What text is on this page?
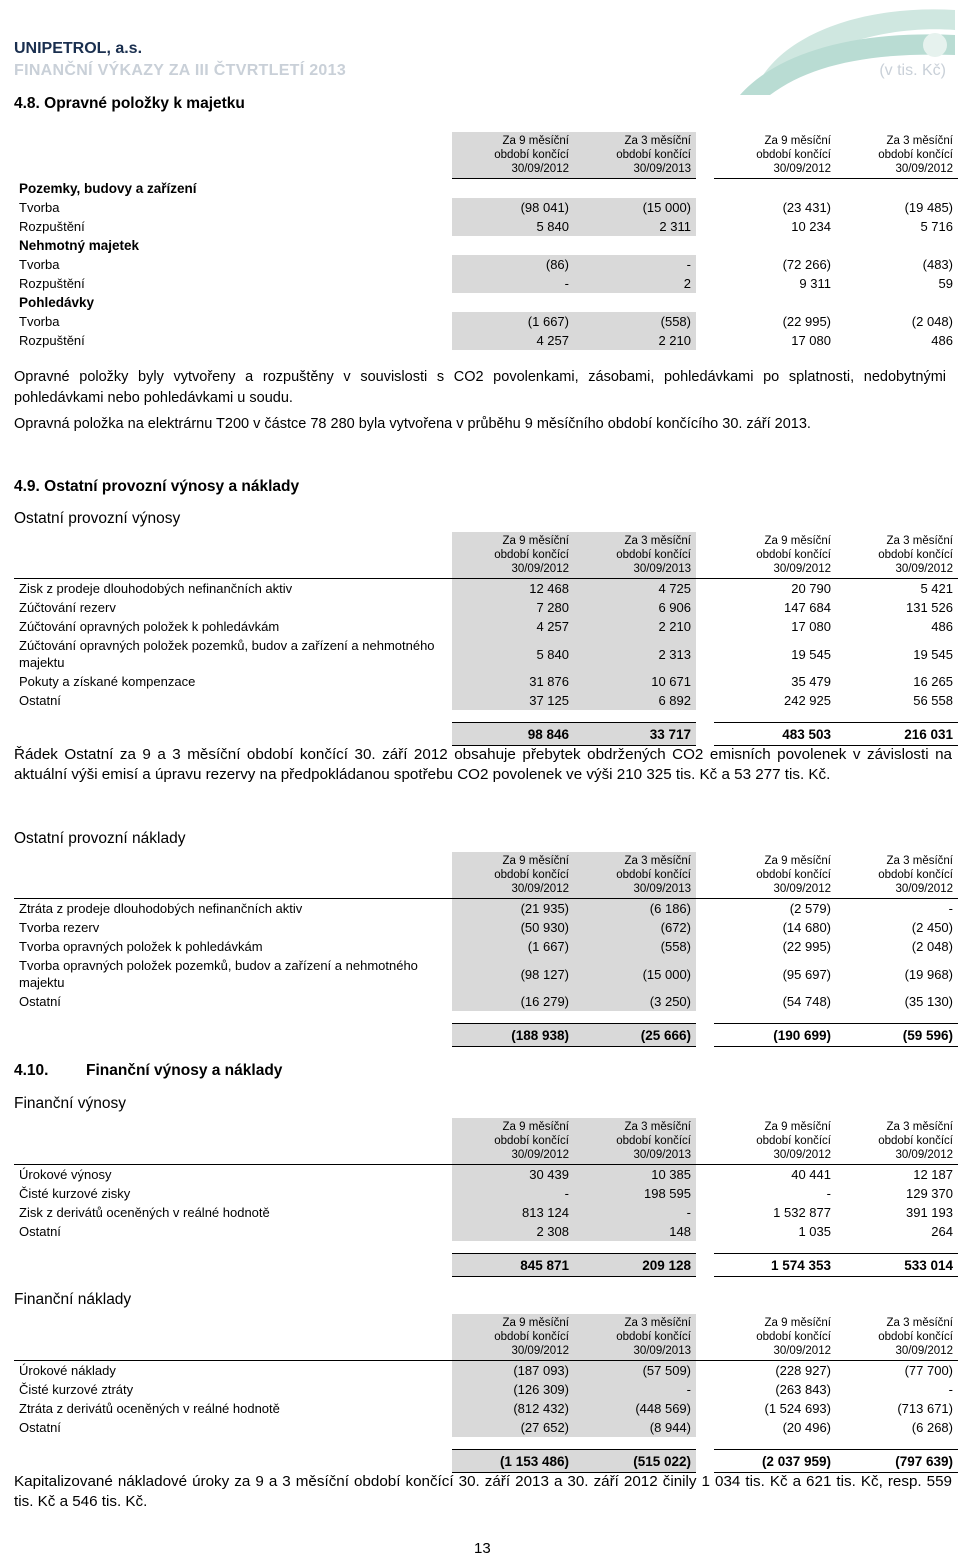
UNIPETROL, a.s.
FINANČNÍ VÝKAZY ZA III ČTVRTLETÍ 2013	(v tis. Kč)
4.8. Opravné položky k majetku
	Za 9 měsíční
období končící
30/09/2012	Za 3 měsíční
období končící
30/09/2013		Za 9 měsíční
období končící
30/09/2012	Za 3 měsíční
období končící
30/09/2012
Pozemky, budovy a zařízení					
Tvorba	(98 041)	(15 000)		(23 431)	(19 485)
Rozpuštění	5 840	2 311		10 234	5 716
Nehmotný majetek					
Tvorba	(86)	-		(72 266)	(483)
Rozpuštění	-	2		9 311	59
Pohledávky					
Tvorba	(1 667)	(558)		(22 995)	(2 048)
Rozpuštění	4 257	2 210		17 080	486
Opravné položky byly vytvořeny a rozpuštěny v souvislosti s CO2 povolenkami, zásobami, pohledávkami po splatnosti, nedobytnými pohledávkami nebo pohledávkami u soudu.
Opravná položka na elektrárnu T200 v částce 78 280 byla vytvořena v průběhu 9 měsíčního období končícího 30. září 2013.
4.9. Ostatní provozní výnosy a náklady
Ostatní provozní výnosy
	Za 9 měsíční
období končící
30/09/2012	Za 3 měsíční
období končící
30/09/2013		Za 9 měsíční
období končící
30/09/2012	Za 3 měsíční
období končící
30/09/2012
Zisk z prodeje dlouhodobých nefinančních aktiv	12 468	4 725		20 790	5 421
Zúčtování rezerv	7 280	6 906		147 684	131 526
Zúčtování opravných položek k pohledávkám	4 257	2 210		17 080	486
Zúčtování opravných položek pozemků, budov a zařízení a nehmotného majektu	5 840	2 313		19 545	19 545
Pokuty a získané kompenzace	31 876	10 671		35 479	16 265
Ostatní	37 125	6 892		242 925	56 558

	98 846	33 717		483 503	216 031
Řádek Ostatní za 9 a 3 měsíční období končící 30. září 2012 obsahuje přebytek obdržených CO2 emisních povolenek v závislosti na aktuální výši emisí a úpravu rezervy na předpokládanou spotřebu CO2 povolenek ve výši 210 325 tis. Kč a 53 277 tis. Kč.
Ostatní provozní náklady
	Za 9 měsíční
období končící
30/09/2012	Za 3 měsíční
období končící
30/09/2013		Za 9 měsíční
období končící
30/09/2012	Za 3 měsíční
období končící
30/09/2012
Ztráta z prodeje dlouhodobých nefinančních aktiv	(21 935)	(6 186)		(2 579)	-
Tvorba rezerv	(50 930)	(672)		(14 680)	(2 450)
Tvorba opravných položek k pohledávkám	(1 667)	(558)		(22 995)	(2 048)
Tvorba opravných položek pozemků, budov a zařízení a nehmotného majektu	(98 127)	(15 000)		(95 697)	(19 968)
Ostatní	(16 279)	(3 250)		(54 748)	(35 130)

	(188 938)	(25 666)		(190 699)	(59 596)
4.10. Finanční výnosy a náklady
Finanční výnosy
	Za 9 měsíční
období končící
30/09/2012	Za 3 měsíční
období končící
30/09/2013		Za 9 měsíční
období končící
30/09/2012	Za 3 měsíční
období končící
30/09/2012
Úrokové výnosy	30 439	10 385		40 441	12 187
Čisté kurzové zisky	-	198 595		-	129 370
Zisk z derivátů oceněných v reálné hodnotě	813 124	-		1 532 877	391 193
Ostatní	2 308	148		1 035	264

	845 871	209 128		1 574 353	533 014
Finanční náklady
	Za 9 měsíční
období končící
30/09/2012	Za 3 měsíční
období končící
30/09/2013		Za 9 měsíční
období končící
30/09/2012	Za 3 měsíční
období končící
30/09/2012
Úrokové náklady	(187 093)	(57 509)		(228 927)	(77 700)
Čisté kurzové ztráty	(126 309)	-		(263 843)	-
Ztráta z derivátů oceněných v reálné hodnotě	(812 432)	(448 569)		(1 524 693)	(713 671)
Ostatní	(27 652)	(8 944)		(20 496)	(6 268)

	(1 153 486)	(515 022)		(2 037 959)	(797 639)
Kapitalizované nákladové úroky za 9 a 3 měsíční období končící 30. září 2013 a 30. září 2012 činily 1 034 tis. Kč a 621 tis. Kč, resp. 559 tis. Kč a 546 tis. Kč.
13
